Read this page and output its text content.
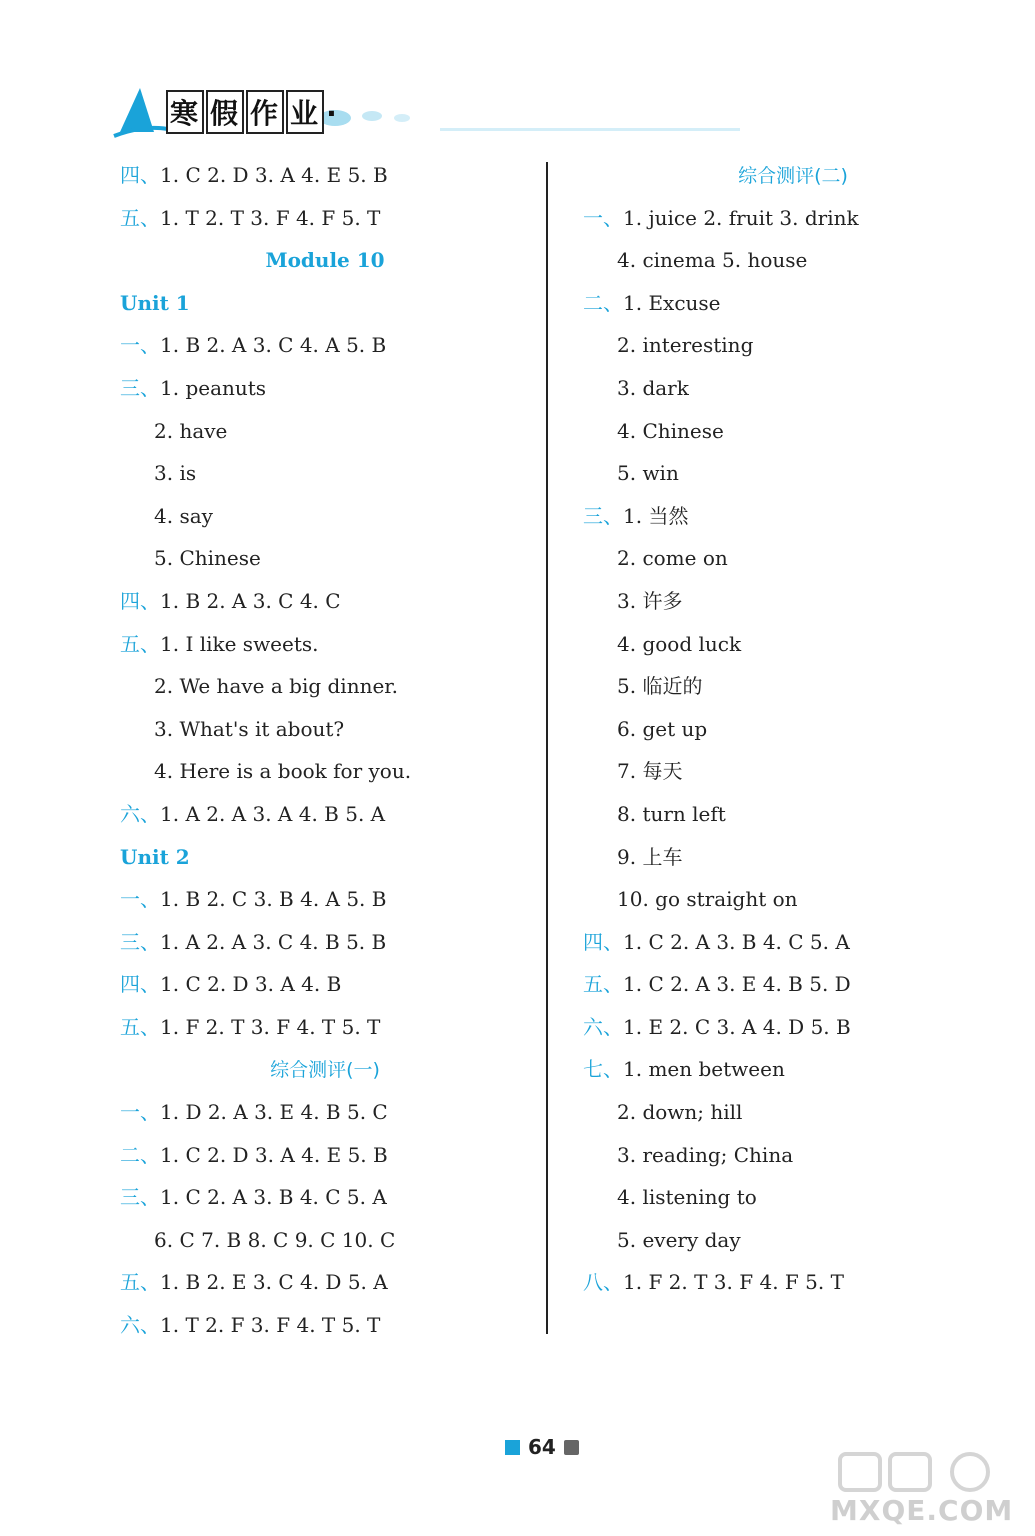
寒 假 作 业 ·
四、1. C 2. D 3. A 4. E 5. B
五、1. T 2. T 3. F 4. F 5. T
Module 10
Unit 1
一、1. B 2. A 3. C 4. A 5. B
三、1. peanuts
2. have
3. is
4. say
5. Chinese
四、1. B 2. A 3. C 4. C
五、1. I like sweets.
2. We have a big dinner.
3. What's it about?
4. Here is a book for you.
六、1. A 2. A 3. A 4. B 5. A
Unit 2
一、1. B 2. C 3. B 4. A 5. B
三、1. A 2. A 3. C 4. B 5. B
四、1. C 2. D 3. A 4. B
五、1. F 2. T 3. F 4. T 5. T
综合测评(一)
一、1. D 2. A 3. E 4. B 5. C
二、1. C 2. D 3. A 4. E 5. B
三、1. C 2. A 3. B 4. C 5. A
6. C 7. B 8. C 9. C 10. C
五、1. B 2. E 3. C 4. D 5. A
六、1. T 2. F 3. F 4. T 5. T
综合测评(二)
一、1. juice 2. fruit 3. drink
4. cinema 5. house
二、1. Excuse
2. interesting
3. dark
4. Chinese
5. win
三、1. 当然
2. come on
3. 许多
4. good luck
5. 临近的
6. get up
7. 每天
8. turn left
9. 上车
10. go straight on
四、1. C 2. A 3. B 4. C 5. A
五、1. C 2. A 3. E 4. B 5. D
六、1. E 2. C 3. A 4. D 5. B
七、1. men between
2. down; hill
3. reading; China
4. listening to
5. every day
八、1. F 2. T 3. F 4. F 5. T
64
MXQE.COM
